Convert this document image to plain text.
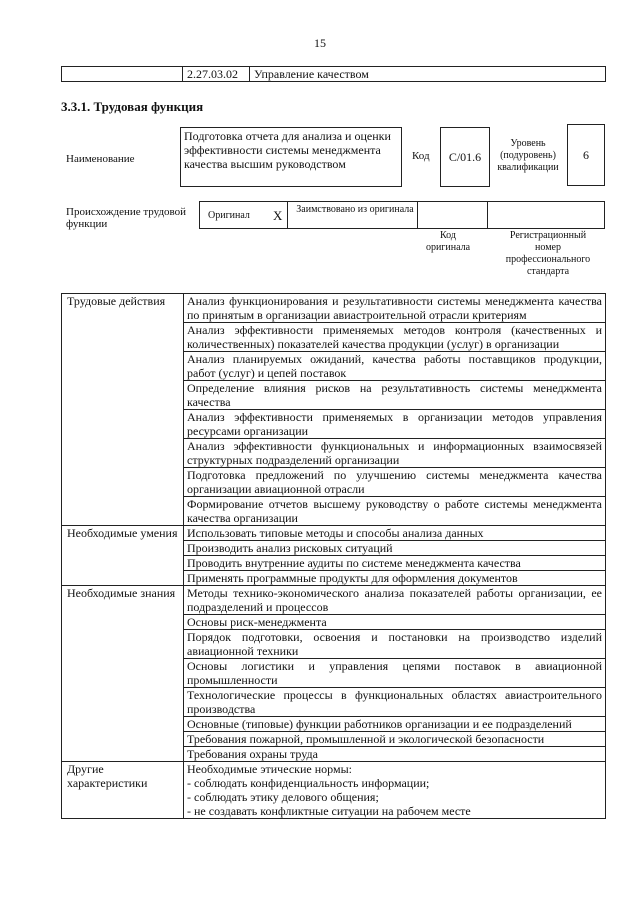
15
	2.27.03.02	Управление качеством
3.3.1. Трудовая функция
Наименование
Подготовка отчета для анализа и оценки эффективности системы менеджмента качества высшим руководством
Код	C/01.6
Уровень (подуровень) квалификации
6
Происхождение трудовой функции
Оригинал X	Заимствовано из оригинала
Код оригинала
Регистрационный номер профессионального стандарта
Трудовые действия	Анализ функционирования и результативности системы менеджмента качества по принятым в организации авиастроительной отрасли критериям
	Анализ эффективности применяемых методов контроля (качественных и количественных) показателей качества продукции (услуг) в организации
	Анализ планируемых ожиданий, качества работы поставщиков продукции, работ (услуг) и цепей поставок
	Определение влияния рисков на результативность системы менеджмента качества
	Анализ эффективности применяемых в организации методов управления ресурсами организации
	Анализ эффективности функциональных и информационных взаимосвязей структурных подразделений организации
	Подготовка предложений по улучшению системы менеджмента качества организации авиационной отрасли
	Формирование отчетов высшему руководству о работе системы менеджмента качества организации
Необходимые умения	Использовать типовые методы и способы анализа данных
	Производить анализ рисковых ситуаций
	Проводить внутренние аудиты по системе менеджмента качества
	Применять программные продукты для оформления документов
Необходимые знания	Методы технико-экономического анализа показателей работы организации, ее подразделений и процессов
	Основы риск-менеджмента
	Порядок подготовки, освоения и постановки на производство изделий авиационной техники
	Основы логистики и управления цепями поставок в авиационной промышленности
	Технологические процессы в функциональных областях авиастроительного производства
	Основные (типовые) функции работников организации и ее подразделений
	Требования пожарной, промышленной и экологической безопасности
	Требования охраны труда
Другие характеристики	Необходимые этические нормы:
- соблюдать конфиденциальность информации;
- соблюдать этику делового общения;
- не создавать конфликтные ситуации на рабочем месте
